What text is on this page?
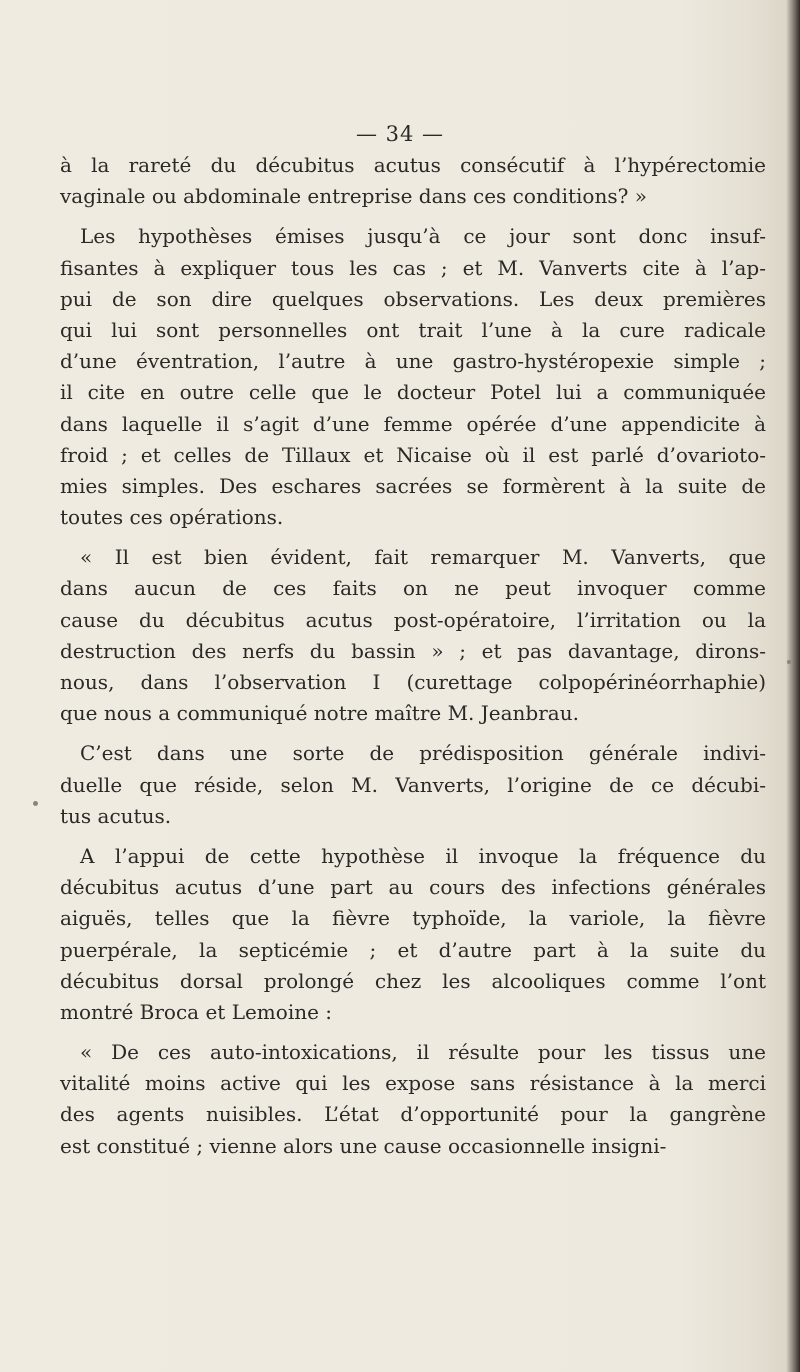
— 34 —
à la rareté du décubitus acutus consécutif à l’hypérectomie
vaginale ou abdominale entreprise dans ces conditions? »
Les hypothèses émises jusqu’à ce jour sont donc insuf-
fisantes à expliquer tous les cas ; et M. Vanverts cite à l’ap-
pui de son dire quelques observations. Les deux premières
qui lui sont personnelles ont trait l’une à la cure radicale
d’une éventration, l’autre à une gastro-hystéropexie simple ;
il cite en outre celle que le docteur Potel lui a communiquée
dans laquelle il s’agit d’une femme opérée d’une appendicite à
froid ; et celles de Tillaux et Nicaise où il est parlé d’ovarioto-
mies simples. Des eschares sacrées se formèrent à la suite de
toutes ces opérations.
« Il est bien évident, fait remarquer M. Vanverts, que
dans aucun de ces faits on ne peut invoquer comme
cause du décubitus acutus post-opératoire, l’irritation ou la
destruction des nerfs du bassin » ; et pas davantage, dirons-
nous, dans l’observation I (curettage colpopérinéorrhaphie)
que nous a communiqué notre maître M. Jeanbrau.
C’est dans une sorte de prédisposition générale indivi-
duelle que réside, selon M. Vanverts, l’origine de ce décubi-
tus acutus.
A l’appui de cette hypothèse il invoque la fréquence du
décubitus acutus d’une part au cours des infections générales
aiguës, telles que la fièvre typhoïde, la variole, la fièvre
puerpérale, la septicémie ; et d’autre part à la suite du
décubitus dorsal prolongé chez les alcooliques comme l’ont
montré Broca et Lemoine :
« De ces auto-intoxications, il résulte pour les tissus une
vitalité moins active qui les expose sans résistance à la merci
des agents nuisibles. L’état d’opportunité pour la gangrène
est constitué ; vienne alors une cause occasionnelle insigni-
